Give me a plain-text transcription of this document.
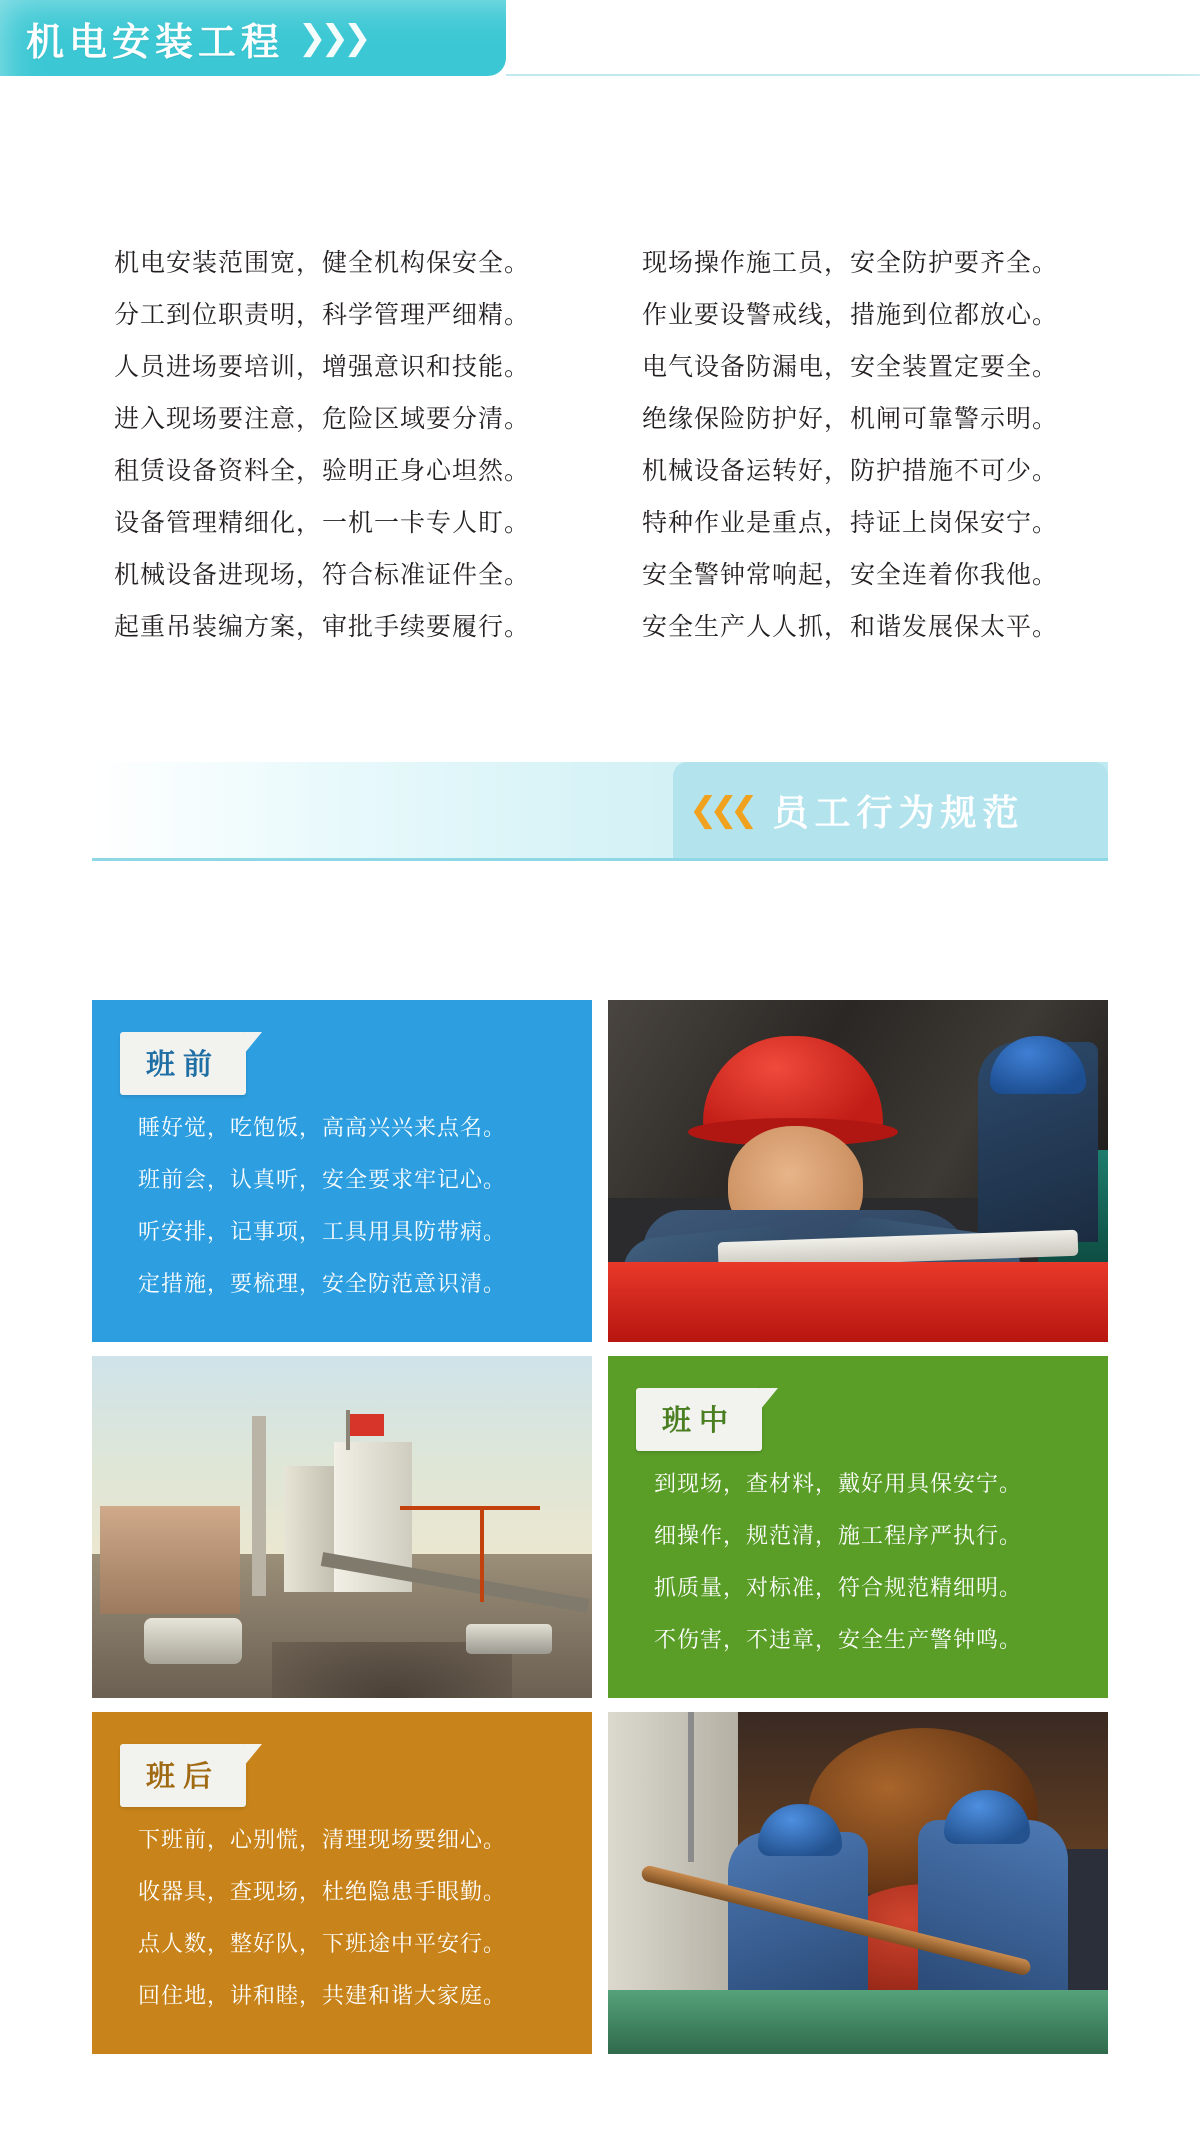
机电安装工程 ❯❯❯
机电安装范围宽，健全机构保安全。
分工到位职责明，科学管理严细精。
人员进场要培训，增强意识和技能。
进入现场要注意，危险区域要分清。
租赁设备资料全，验明正身心坦然。
设备管理精细化，一机一卡专人盯。
机械设备进现场，符合标准证件全。
起重吊装编方案，审批手续要履行。
现场操作施工员，安全防护要齐全。
作业要设警戒线，措施到位都放心。
电气设备防漏电，安全装置定要全。
绝缘保险防护好，机闸可靠警示明。
机械设备运转好，防护措施不可少。
特种作业是重点，持证上岗保安宁。
安全警钟常响起，安全连着你我他。
安全生产人人抓，和谐发展保太平。
❮❮❮ 员工行为规范
班前
睡好觉，吃饱饭，高高兴兴来点名。
班前会，认真听，安全要求牢记心。
听安排，记事项，工具用具防带病。
定措施，要梳理，安全防范意识清。
班中
到现场，查材料，戴好用具保安宁。
细操作，规范清，施工程序严执行。
抓质量，对标准，符合规范精细明。
不伤害，不违章，安全生产警钟鸣。
班后
下班前，心别慌，清理现场要细心。
收器具，查现场，杜绝隐患手眼勤。
点人数，整好队，下班途中平安行。
回住地，讲和睦，共建和谐大家庭。
